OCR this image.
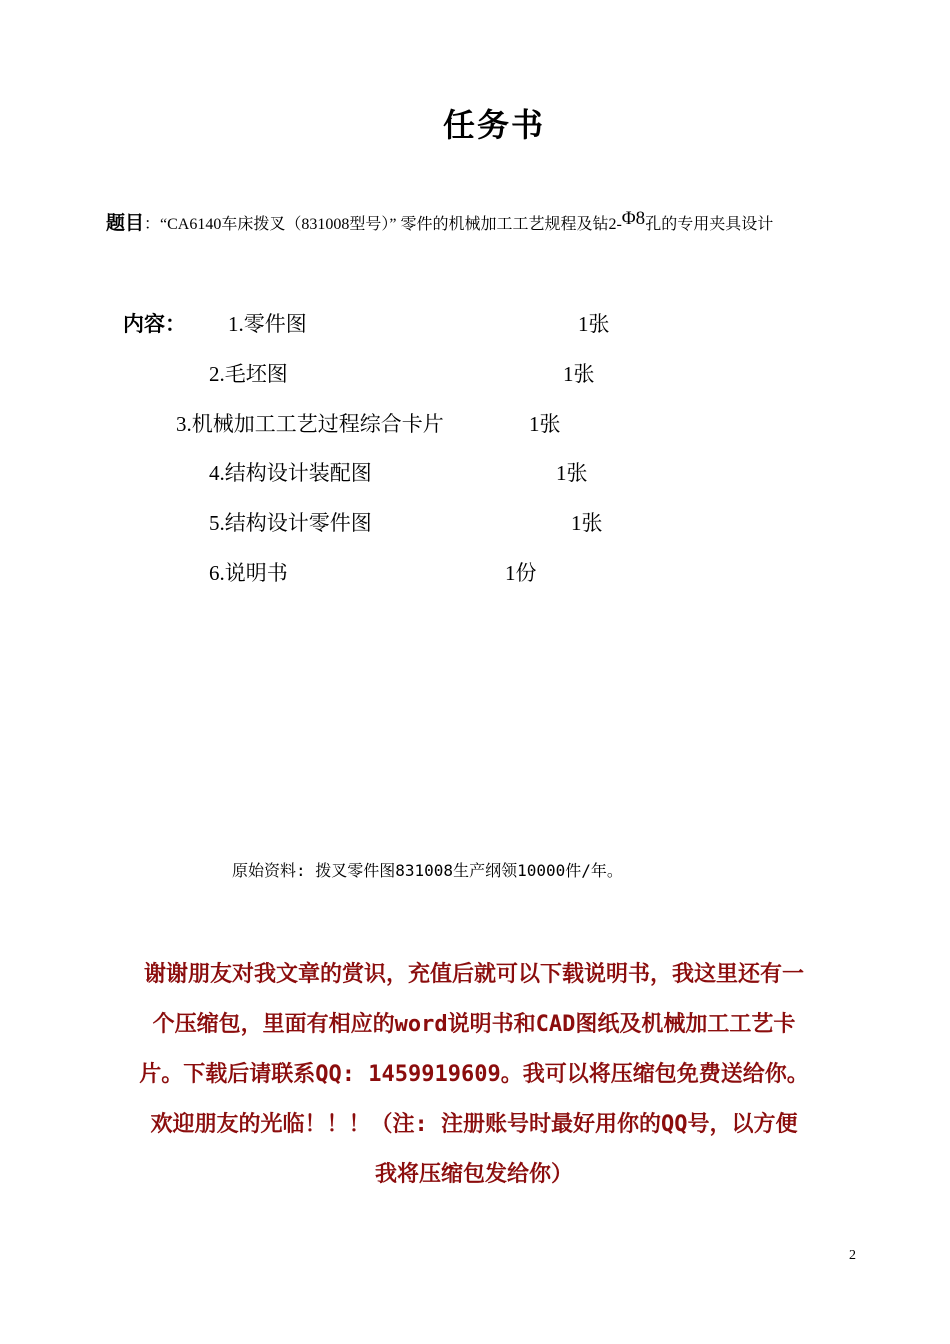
任务书
题目：“CA6140车床拨叉（831008型号）” 零件的机械加工工艺规程及钻2-Φ8孔的专用夹具设计
内容： 1.零件图	1张
2.毛坯图	1张
3.机械加工工艺过程综合卡片	1张
4.结构设计装配图	1张
5.结构设计零件图	1张
6.说明书	1份
原始资料: 拨叉零件图831008生产纲领10000件/年。
谢谢朋友对我文章的赏识，充值后就可以下载说明书，我这里还有一
个压缩包，里面有相应的word说明书和CAD图纸及机械加工工艺卡
片。下载后请联系QQ: 1459919609。我可以将压缩包免费送给你。
欢迎朋友的光临！！！（注: 注册账号时最好用你的QQ号，以方便
我将压缩包发给你）
2
